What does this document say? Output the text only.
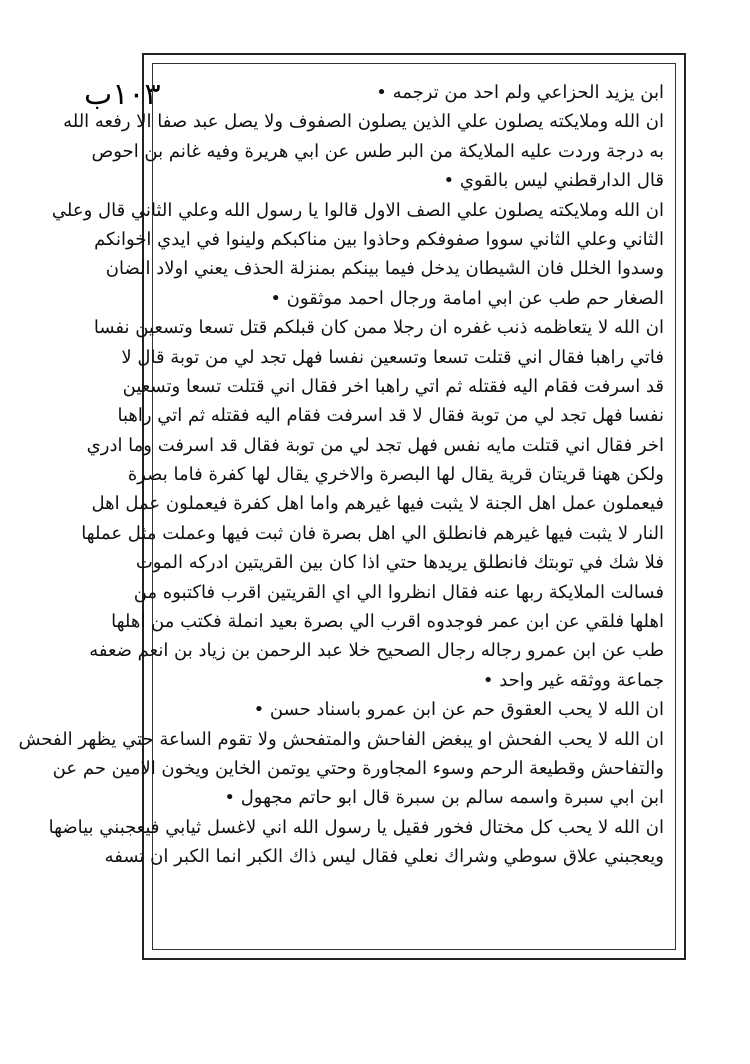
١٠٣ب	ابن يزيد الحزاعي ولم احد من ترجمه •
ان الله وملايكته يصلون علي الذين يصلون الصفوف ولا يصل عبد صفا الا رفعه الله
به درجة وردت عليه الملايكة من البر طس عن ابي هريرة وفيه غانم بن احوص
قال الدارقطني ليس بالقوي •
ان الله وملايكته يصلون علي الصف الاول قالوا يا رسول الله وعلي الثاني قال وعلي
الثاني وعلي الثاني سووا صفوفكم وحاذوا بين مناكبكم ولينوا في ايدي اخوانكم
وسدوا الخلل فان الشيطان يدخل فيما بينكم بمنزلة الحذف يعني اولاد الضان
الصغار حم طب عن ابي امامة ورجال احمد موثقون •
ان الله لا يتعاظمه ذنب غفره ان رجلا ممن كان قبلكم قتل تسعا وتسعين نفسا
فاتي راهبا فقال اني قتلت تسعا وتسعين نفسا فهل تجد لي من توبة قال لا
قد اسرفت فقام اليه فقتله ثم اتي راهبا اخر فقال اني قتلت تسعا وتسعين
نفسا فهل تجد لي من توبة فقال لا قد اسرفت فقام اليه فقتله ثم اتي راهبا
اخر فقال اني قتلت مايه نفس فهل تجد لي من توبة فقال قد اسرفت وما ادري
ولكن ههنا قريتان قرية يقال لها البصرة والاخري يقال لها كفرة فاما بصرة
فيعملون عمل اهل الجنة لا يثبت فيها غيرهم واما اهل كفرة فيعملون عمل اهل
النار لا يثبت فيها غيرهم فانطلق الي اهل بصرة فان ثبت فيها وعملت مثل عملها
فلا شك في توبتك فانطلق يريدها حتي اذا كان بين القريتين ادركه الموت
فسالت الملايكة ربها عنه فقال انظروا الي اي القريتين اقرب فاكتبوه من
اهلها فلقي عن ابن عمر فوجدوه اقرب الي بصرة بعيد انملة فكتب من اهلها
طب عن ابن عمرو رجاله رجال الصحيح خلا عبد الرحمن بن زياد بن انعم ضعفه
جماعة ووثقه غير واحد •
ان الله لا يحب العقوق حم عن ابن عمرو باسناد حسن •
ان الله لا يحب الفحش او يبغض الفاحش والمتفحش ولا تقوم الساعة حتي يظهر الفحش
والتفاحش وقطيعة الرحم وسوء المجاورة وحتي يوتمن الخاين ويخون الامين حم عن
ابن ابي سبرة واسمه سالم بن سبرة قال ابو حاتم مجهول •
ان الله لا يحب كل مختال فخور فقيل يا رسول الله اني لاغسل ثيابي فيعجبني بياضها
ويعجبني علاق سوطي وشراك نعلي فقال ليس ذاك الكبر انما الكبر ان تسفه
